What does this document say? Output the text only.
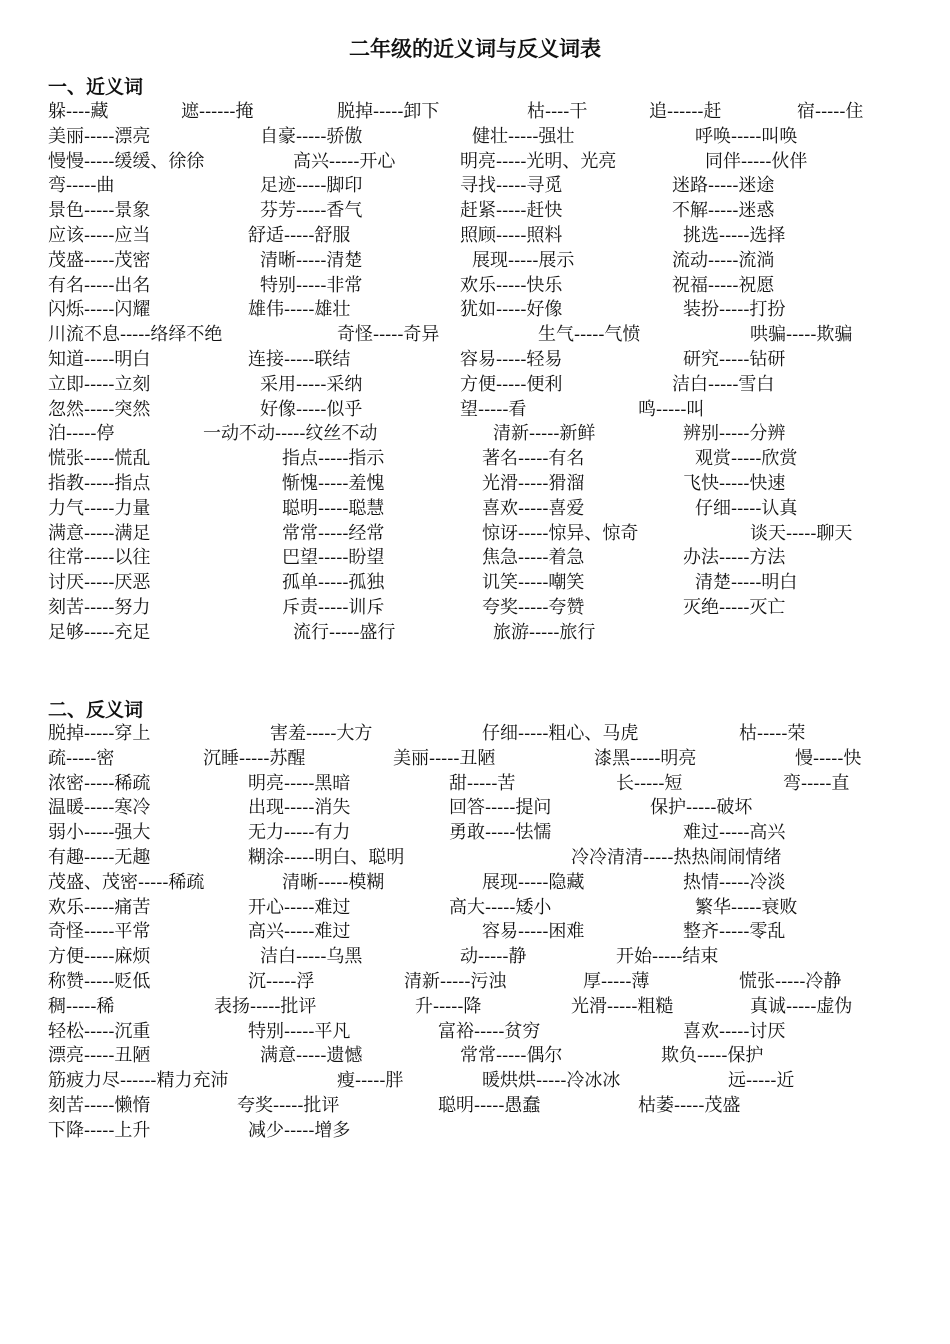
二年级的近义词与反义词表
一、近义词
躲----藏	遮------掩	脱掉-----卸下	枯----干	追------赶	宿-----住
美丽-----漂亮	自豪-----骄傲	健壮-----强壮	呼唤-----叫唤
慢慢-----缓缓、徐徐	高兴-----开心	明亮-----光明、光亮	同伴-----伙伴
弯-----曲	足迹-----脚印	寻找-----寻觅	迷路-----迷途
景色-----景象	芬芳-----香气	赶紧-----赶快	不解-----迷惑
应该-----应当	舒适-----舒服	照顾-----照料	挑选-----选择
茂盛-----茂密	清晰-----清楚	展现-----展示	流动-----流淌
有名-----出名	特别-----非常	欢乐-----快乐	祝福-----祝愿
闪烁-----闪耀	雄伟-----雄壮	犹如-----好像	装扮-----打扮
川流不息-----络绎不绝	奇怪-----奇异	生气-----气愤	哄骗-----欺骗
知道-----明白	连接-----联结	容易-----轻易	研究-----钻研
立即-----立刻	采用-----采纳	方便-----便利	洁白-----雪白
忽然-----突然	好像-----似乎	望-----看	鸣-----叫
泊-----停	一动不动-----纹丝不动	清新-----新鲜	辨别-----分辨
慌张-----慌乱	指点-----指示	著名-----有名	观赏-----欣赏
指教-----指点	惭愧-----羞愧	光滑-----猾溜	飞快-----快速
力气-----力量	聪明-----聪慧	喜欢-----喜爱	仔细-----认真
满意-----满足	常常-----经常	惊讶-----惊异、惊奇	谈天-----聊天
往常-----以往	巴望-----盼望	焦急-----着急	办法-----方法
讨厌-----厌恶	孤单-----孤独	讥笑-----嘲笑	清楚-----明白
刻苦-----努力	斥责-----训斥	夸奖-----夸赞	灭绝-----灭亡
足够-----充足	流行-----盛行	旅游-----旅行
二、反义词
脱掉-----穿上	害羞-----大方	仔细-----粗心、马虎	枯-----荣
疏-----密	沉睡-----苏醒	美丽-----丑陋	漆黑-----明亮	慢-----快
浓密-----稀疏	明亮-----黑暗	甜-----苦	长-----短	弯-----直
温暖-----寒冷	出现-----消失	回答-----提问	保护-----破坏
弱小-----强大	无力-----有力	勇敢-----怯懦	难过-----高兴
有趣-----无趣	糊涂-----明白、聪明	冷冷清清-----热热闹闹情绪
茂盛、茂密-----稀疏	清晰-----模糊	展现-----隐藏	热情-----冷淡
欢乐-----痛苦	开心-----难过	高大-----矮小	繁华-----衰败
奇怪-----平常	高兴-----难过	容易-----困难	整齐-----零乱
方便-----麻烦	洁白-----乌黑	动-----静	开始-----结束
称赞-----贬低	沉-----浮	清新-----污浊	厚-----薄	慌张-----冷静
稠-----稀	表扬-----批评	升-----降	光滑-----粗糙	真诚-----虚伪
轻松-----沉重	特别-----平凡	富裕-----贫穷	喜欢-----讨厌
漂亮-----丑陋	满意-----遗憾	常常-----偶尔	欺负-----保护
筋疲力尽------精力充沛	瘦-----胖	暖烘烘-----冷冰冰	远-----近
刻苦-----懒惰	夸奖-----批评	聪明-----愚蠢	枯萎-----茂盛
下降-----上升	减少-----增多
